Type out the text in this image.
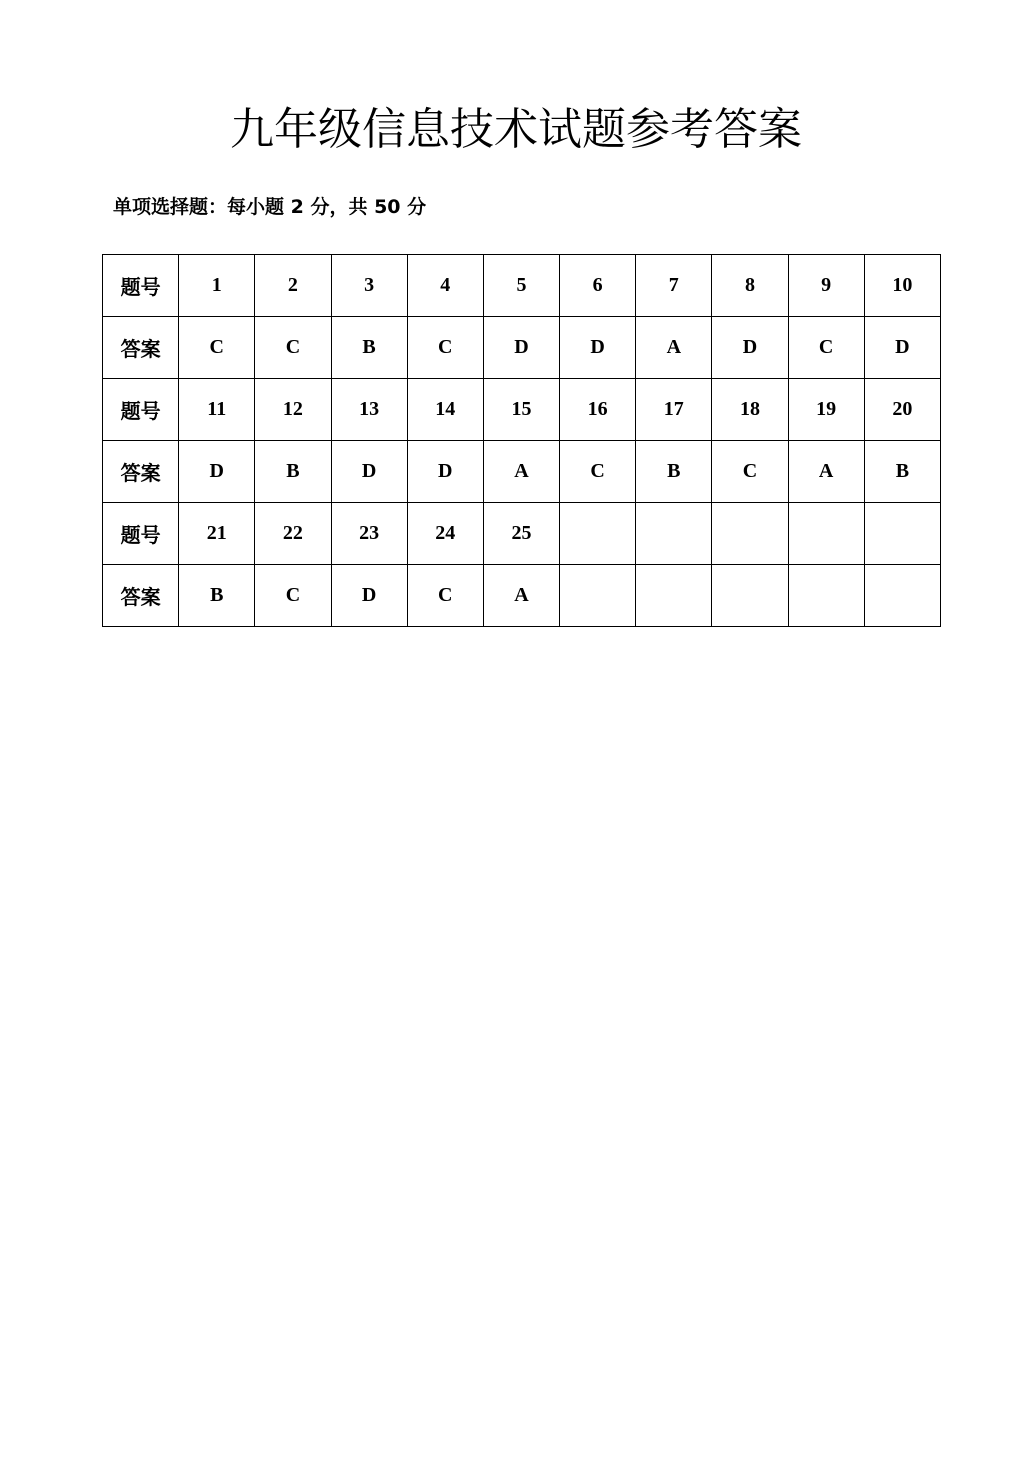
九年级信息技术试题参考答案
单项选择题：每小题 2 分，共 50 分
题号	1	2	3	4	5	6	7	8	9	10
答案	C	C	B	C	D	D	A	D	C	D
题号	11	12	13	14	15	16	17	18	19	20
答案	D	B	D	D	A	C	B	C	A	B
题号	21	22	23	24	25					
答案	B	C	D	C	A					
